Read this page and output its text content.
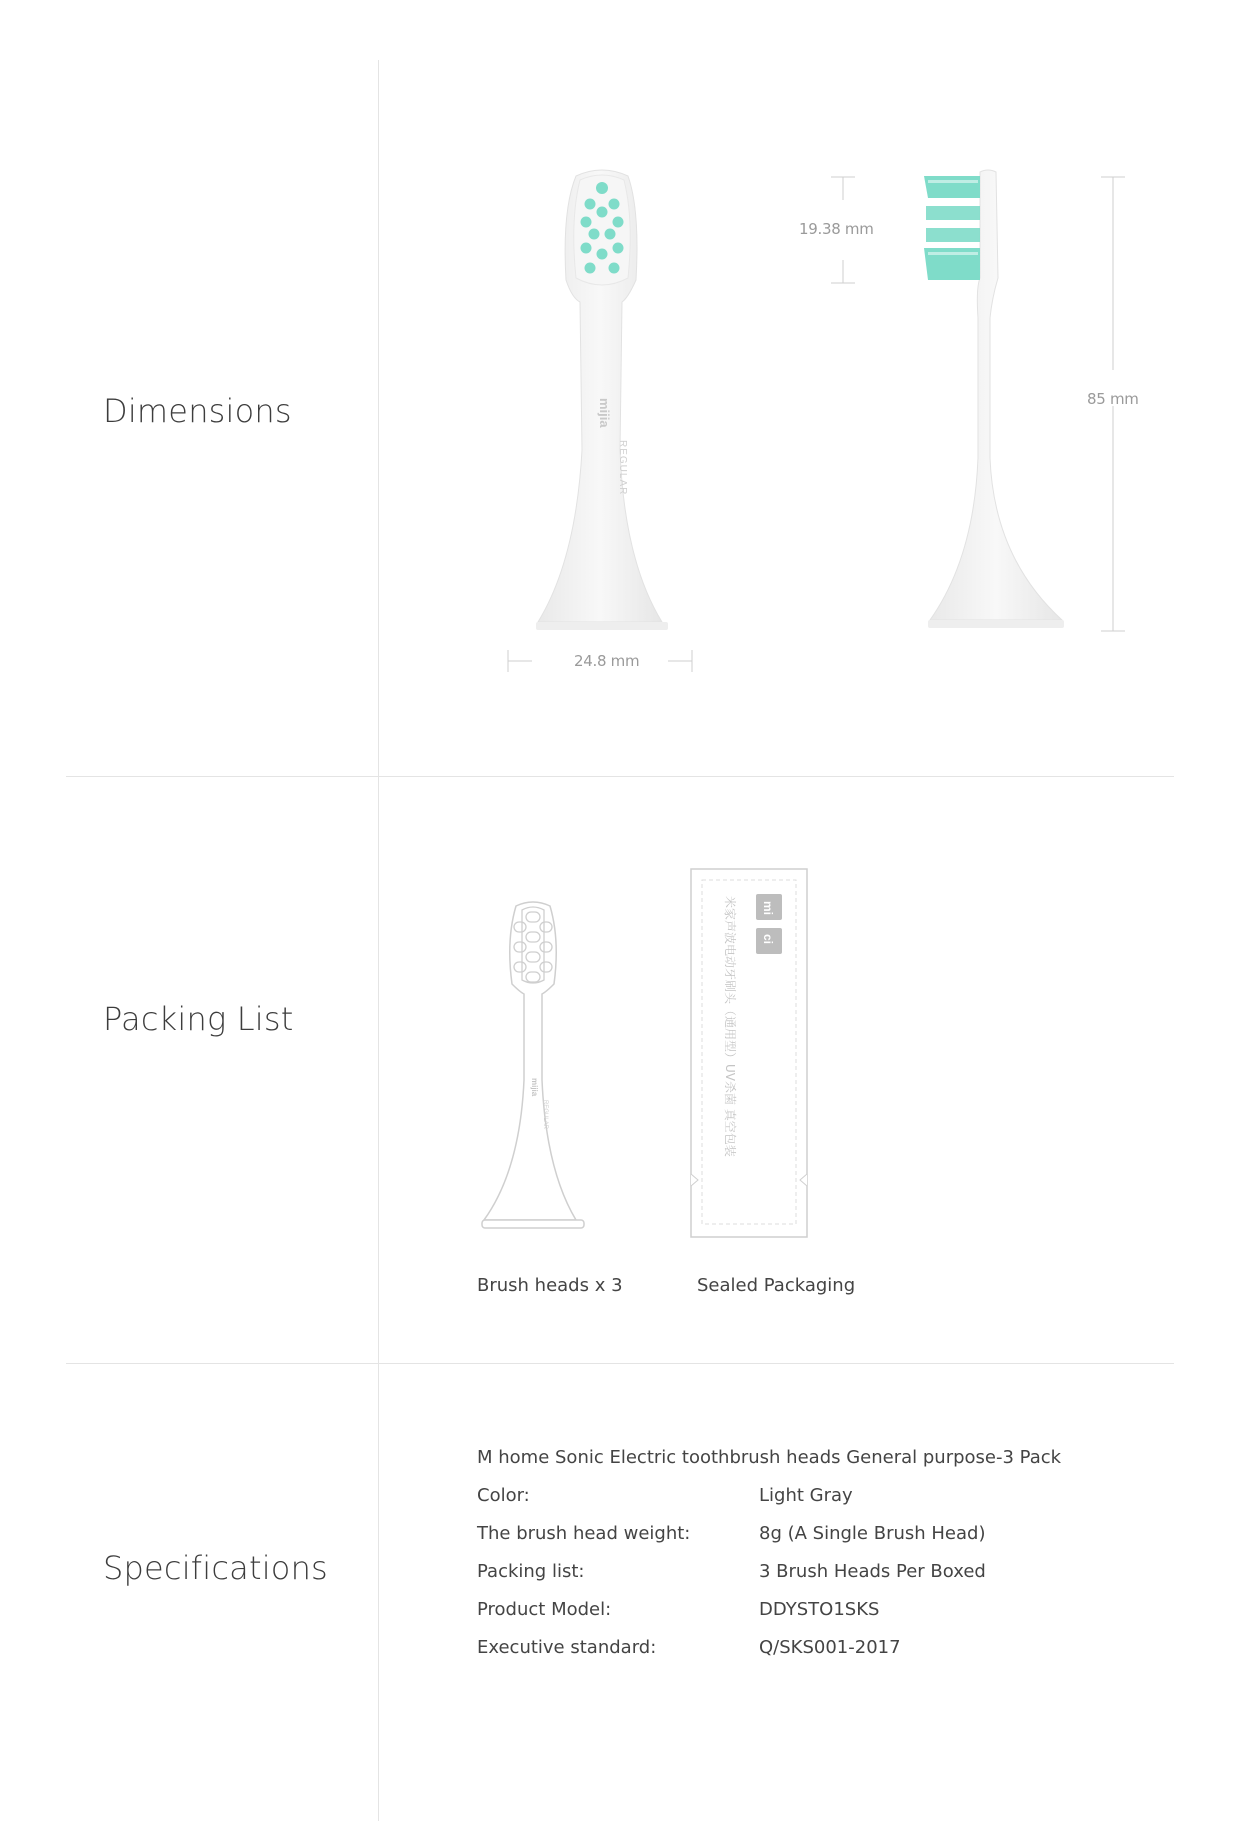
Dimensions	mijia
REGULAR
24.8 mm
19.38 mm
85 mm
Packing List
mijia
REGULAR
mi
ci
米家声波电动牙刷头（通用型）UV杀菌 真空包装
Brush heads x 3	Sealed Packaging
Specifications
M home Sonic Electric toothbrush heads General purpose-3 Pack
Color:	Light Gray
The brush head weight:	8g (A Single Brush Head)
Packing list:	3 Brush Heads Per Boxed
Product Model:	DDYSTO1SKS
Executive standard:	Q/SKS001-2017
